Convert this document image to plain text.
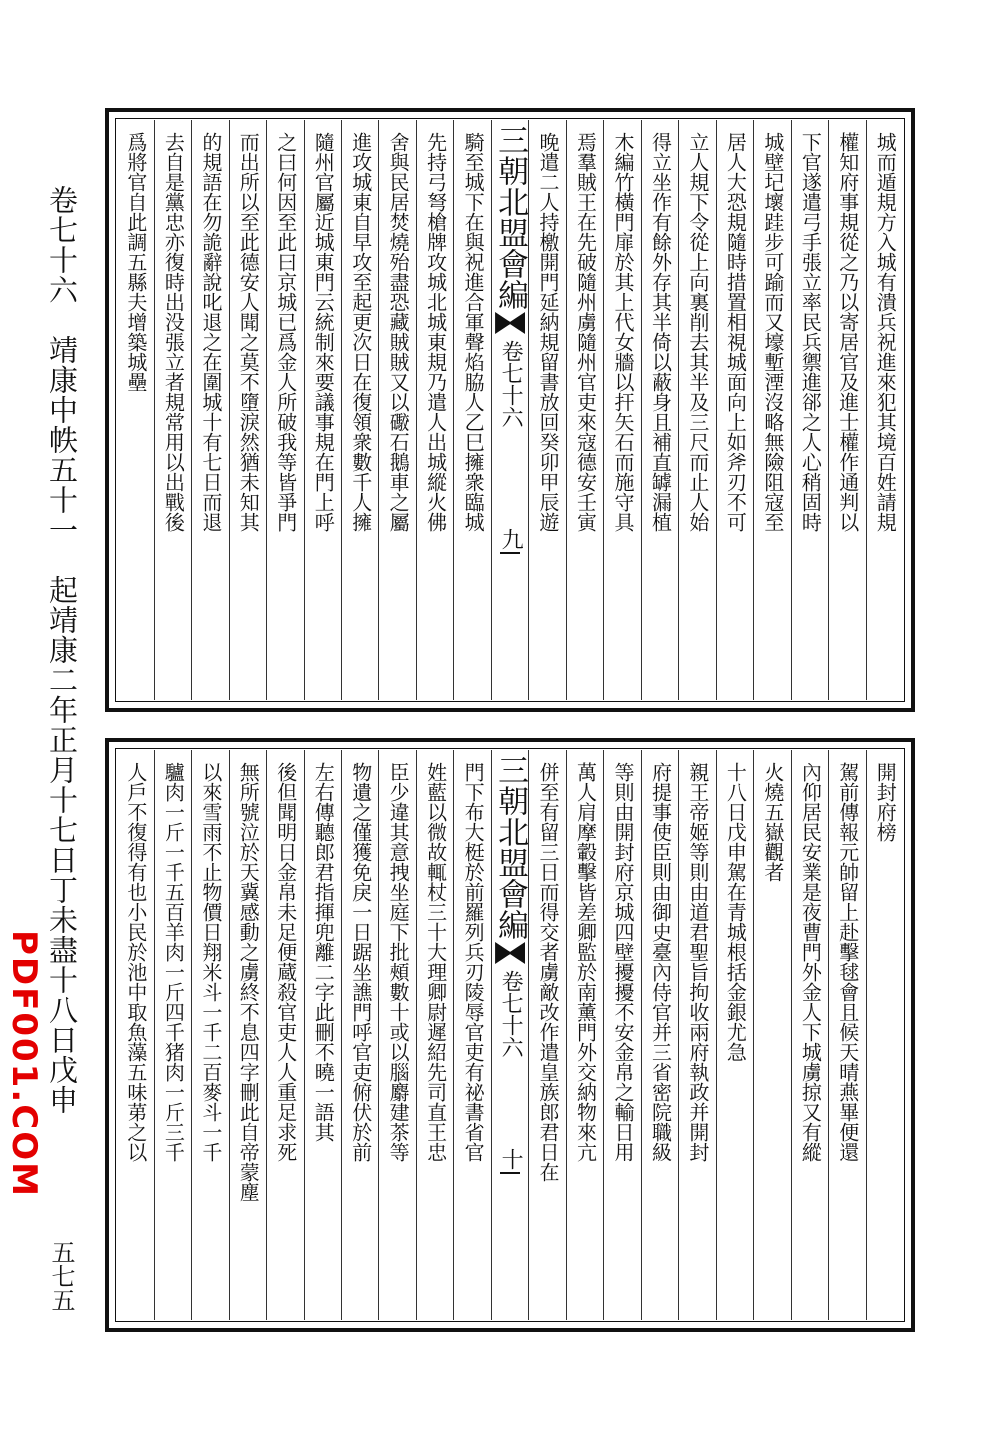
卷七十六　靖康中帙五十一　起靖康二年正月十七日丁未盡十八日戊申
五七五
PDF001.COM
城而遁規方入城有潰兵祝進來犯其境百姓請規
權知府事規從之乃以寄居官及進士權作通判以
下官遂遣弓手張立率民兵禦進郤之人心稍固時
城壁圮壞跬步可踰而又壕塹湮沒略無險阻寇至
居人大恐規隨時措置相視城面向上如斧刃不可
立人規下令從上向裏削去其半及三尺而止人始
得立坐作有餘外存其半倚以蔽身且補直罅漏植
木編竹橫門扉於其上代女牆以扞矢石而施守具
焉羣賊王在先破隨州虜隨州官吏來寇德安壬寅
晚遣二人持檄開門延納規留書放回癸卯甲辰遊
三朝北盟會編
卷七十六
九
騎至城下在與祝進合軍聲焰脇人乙巳擁衆臨城
先持弓弩槍牌攻城北城東規乃遣人出城縱火佛
舍與民居焚燒殆盡恐藏賊賊又以礮石鵝車之屬
進攻城東自早攻至起更次日在復領衆數千人擁
隨州官屬近城東門云統制來要議事規在門上呼
之曰何因至此曰京城已爲金人所破我等皆爭門
而出所以至此德安人聞之莫不墮淚然猶未知其
的規語在勿詭辭說叱退之在圍城十有七日而退
去自是黨忠亦復時出没張立者規常用以出戰後
爲將官自此調五縣夫增築城壘
開封府榜
駕前傳報元帥留上赴擊毬會且候天晴燕畢便還
內仰居民安業是夜曹門外金人下城虜掠又有縱
火燒五嶽觀者
十八日戊申駕在青城根括金銀尤急
親王帝姬等則由道君聖旨拘收兩府執政并開封
府提事使臣則由御史臺內侍官并三省密院職級
等則由開封府京城四壁擾擾不安金帛之輸日用
萬人肩摩轂擊皆差卿監於南薰門外交納物來亢
併至有留三日而得交者虜敵改作遣皇族郎君日在
三朝北盟會編
卷七十六
十
門下布大梃於前羅列兵刃陵辱官吏有祕書省官
姓藍以微故輒杖三十大理卿尉遲紹先司直王忠
臣少違其意拽坐庭下批頰數十或以腦麝建茶等
物遺之僅獲免戾一日踞坐譙門呼官吏俯伏於前
左右傳聽郎君指揮兜離二字此刪不曉一語其
後但聞明日金帛未足便蔵殺官吏人人重足求死
無所號泣於天冀感動之虜終不息四字刪此自帝蒙塵
以來雪雨不止物價日翔米斗一千二百麥斗一千
驢肉一斤一千五百羊肉一斤四千猪肉一斤三千
人戶不復得有也小民於池中取魚藻五味苐之以
